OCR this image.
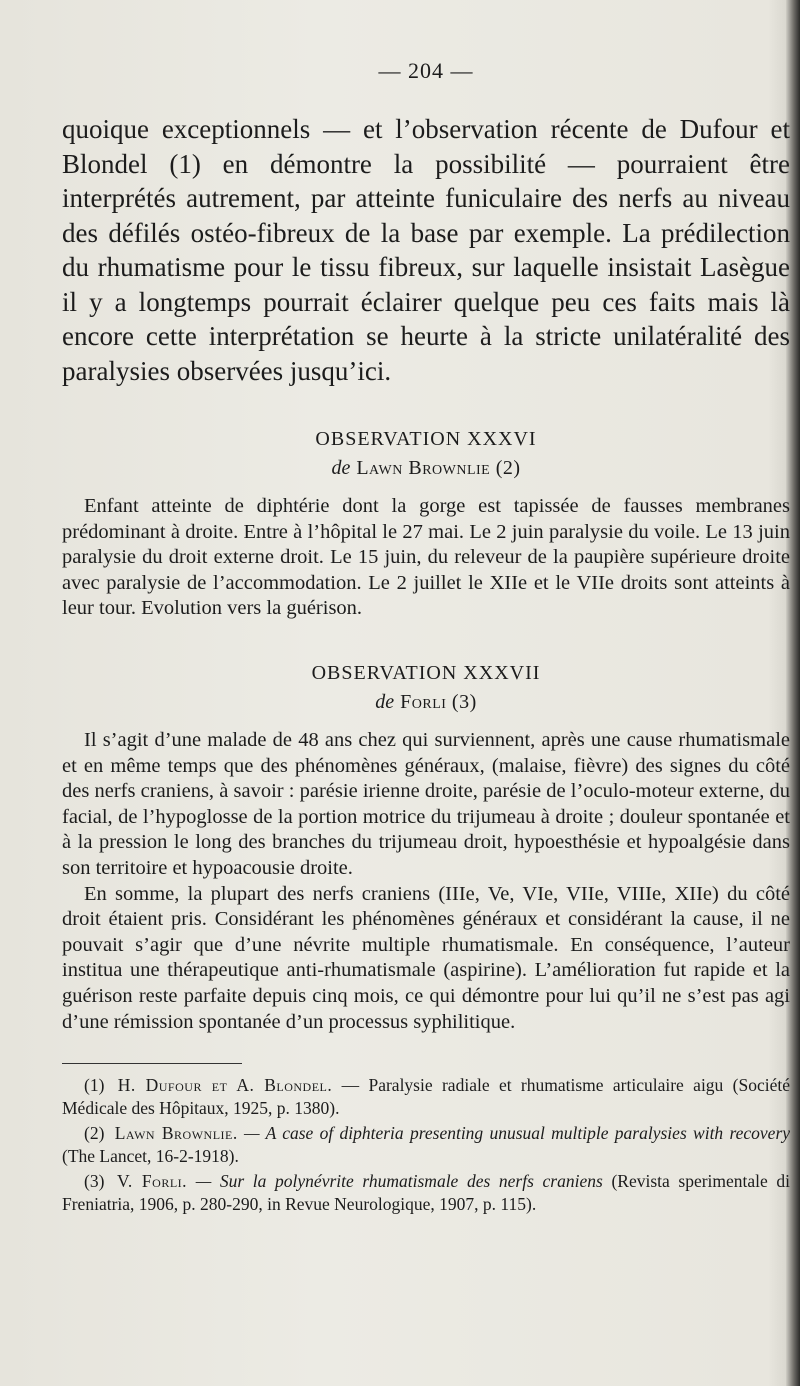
— 204 —

quoique exceptionnels — et l’observation récente de Dufour et Blondel (1) en démontre la possibilité — pourraient être interprétés autrement, par atteinte funiculaire des nerfs au niveau des défilés ostéo-fibreux de la base par exemple. La prédilection du rhumatisme pour le tissu fibreux, sur laquelle insistait Lasègue il y a longtemps pourrait éclairer quelque peu ces faits mais là encore cette interprétation se heurte à la stricte unilatéralité des paralysies observées jusqu’ici.

OBSERVATION XXXVI
de Lawn Brownlie (2)

Enfant atteinte de diphtérie dont la gorge est tapissée de fausses membranes prédominant à droite. Entre à l’hôpital le 27 mai. Le 2 juin paralysie du voile. Le 13 juin paralysie du droit externe droit. Le 15 juin, du releveur de la paupière supérieure droite avec paralysie de l’accommodation. Le 2 juillet le XIIe et le VIIe droits sont atteints à leur tour. Evolution vers la guérison.

OBSERVATION XXXVII
de Forli (3)

Il s’agit d’une malade de 48 ans chez qui surviennent, après une cause rhumatismale et en même temps que des phénomènes généraux, (malaise, fièvre) des signes du côté des nerfs craniens, à savoir : parésie irienne droite, parésie de l’oculo-moteur externe, du facial, de l’hypoglosse de la portion motrice du trijumeau à droite ; douleur spontanée et à la pression le long des branches du trijumeau droit, hypoesthésie et hypoalgésie dans son territoire et hypoacousie droite.

En somme, la plupart des nerfs craniens (IIIe, Ve, VIe, VIIe, VIIIe, XIIe) du côté droit étaient pris. Considérant les phénomènes généraux et considérant la cause, il ne pouvait s’agir que d’une névrite multiple rhumatismale. En conséquence, l’auteur institua une thérapeutique anti-rhumatismale (aspirine). L’amélioration fut rapide et la guérison reste parfaite depuis cinq mois, ce qui démontre pour lui qu’il ne s’est pas agi d’une rémission spontanée d’un processus syphilitique.

(1) H. Dufour et A. Blondel. — Paralysie radiale et rhumatisme articulaire aigu (Société Médicale des Hôpitaux, 1925, p. 1380).

(2) Lawn Brownlie. — A case of diphteria presenting unusual multiple paralysies with recovery (The Lancet, 16-2-1918).

(3) V. Forli. — Sur la polynévrite rhumatismale des nerfs craniens (Revista sperimentale di Freniatria, 1906, p. 280-290, in Revue Neurologique, 1907, p. 115).
